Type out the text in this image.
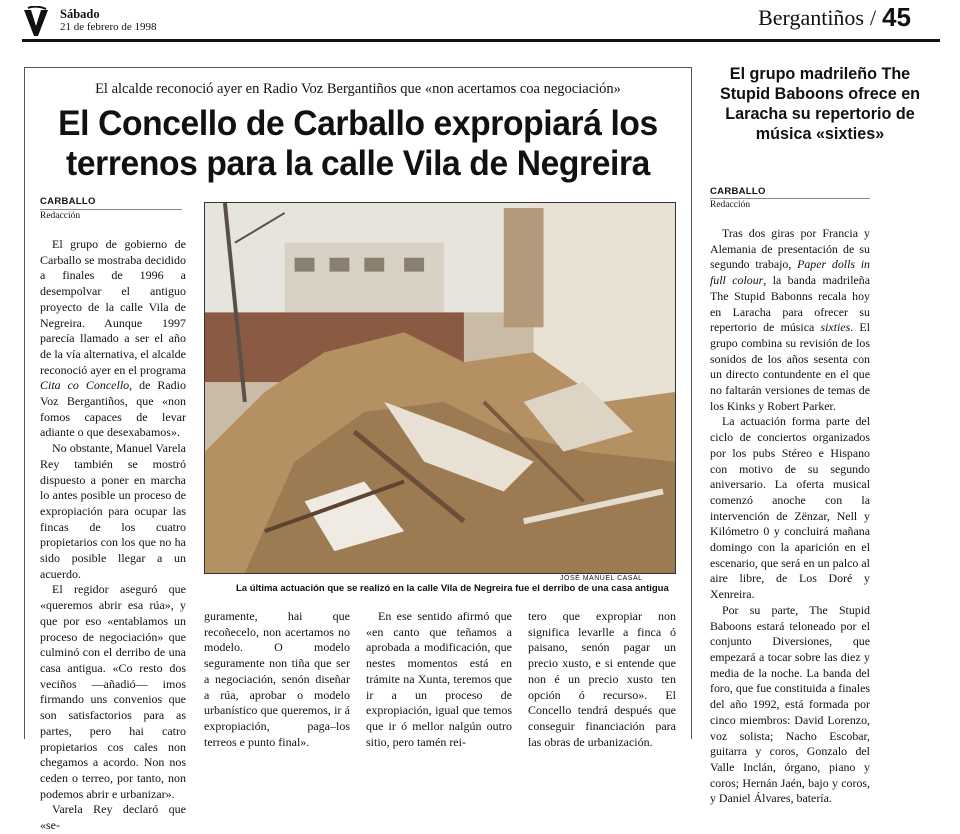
Sábado
21 de febrero de 1998	Bergantiños / 45
El alcalde reconoció ayer en Radio Voz Bergantiños que «non acertamos coa negociación»
El Concello de Carballo expropiará los
terrenos para la calle Vila de Negreira
CARBALLO
Redacción

El grupo de gobierno de Carballo se mostraba decidido a finales de 1996 a desempolvar el antiguo proyecto de la calle Vila de Negreira. Aunque 1997 parecía llamado a ser el año de la vía alternativa, el alcalde reconoció ayer en el programa Cita co Concello, de Radio Voz Bergantiños, que «non fomos capaces de levar adiante o que desexabamos».

No obstante, Manuel Varela Rey también se mostró dispuesto a poner en marcha lo antes posible un proceso de expropiación para ocupar las fincas de los cuatro propietarios con los que no ha sido posible llegar a un acuerdo.

El regidor aseguró que «queremos abrir esa rúa», y que por eso «entablamos un proceso de negociación» que culminó con el derribo de una casa antigua. «Co resto dos veciños —añadió— imos firmando uns convenios que son satisfactorios para as partes, pero hai catro propietarios cos cales non chegamos a acordo. Non nos ceden o terreo, por tanto, non podemos abrir e urbanizar».

Varela Rey declaró que «se-

JOSÉ MANUEL CASAL
La última actuación que se realizó en la calle Vila de Negreira fue el derribo de una casa antigua

guramente, hai que recoñecelo, non acertamos no modelo. O modelo seguramente non tiña que ser a negociación, senón diseñar a rúa, aprobar o modelo urbanístico que queremos, ir á expropiación, paga–los terreos e punto final».

En ese sentido afirmó que «en canto que teñamos a aprobada a modificación, que nestes momentos está en trámite na Xunta, teremos que ir a un proceso de expropiación, igual que temos que ir ó mellor nalgún outro sitio, pero tamén rei-

tero que expropiar non significa levarlle a finca ó paisano, senón pagar un precio xusto, e si entende que non é un precio xusto ten opción ó recurso». El Concello tendrá después que conseguir financiación para las obras de urbanización.

El grupo madrileño The Stupid Baboons ofrece en Laracha su repertorio de música «sixties»
CARBALLO
Redacción

Tras dos giras por Francia y Alemania de presentación de su segundo trabajo, Paper dolls in full colour, la banda madrileña The Stupid Babonns recala hoy en Laracha para ofrecer su repertorio de música sixties. El grupo combina su revisión de los sonidos de los años sesenta con un directo contundente en el que no faltarán versiones de temas de los Kinks y Robert Parker.

La actuación forma parte del ciclo de conciertos organizados por los pubs Stéreo e Hispano con motivo de su segundo aniversario. La oferta musical comenzó anoche con la intervención de Zënzar, Nell y Kilómetro 0 y concluirá mañana domingo con la aparición en el escenario, que será en un palco al aire libre, de Los Doré y Xenreira.

Por su parte, The Stupid Baboons estará teloneado por el conjunto Diversiones, que empezará a tocar sobre las diez y media de la noche. La banda del foro, que fue constituida a finales del año 1992, está formada por cinco miembros: David Lorenzo, voz solista; Nacho Escobar, guitarra y coros, Gonzalo del Valle Inclán, órgano, piano y coros; Hernán Jaén, bajo y coros, y Daniel Álvares, batería.
